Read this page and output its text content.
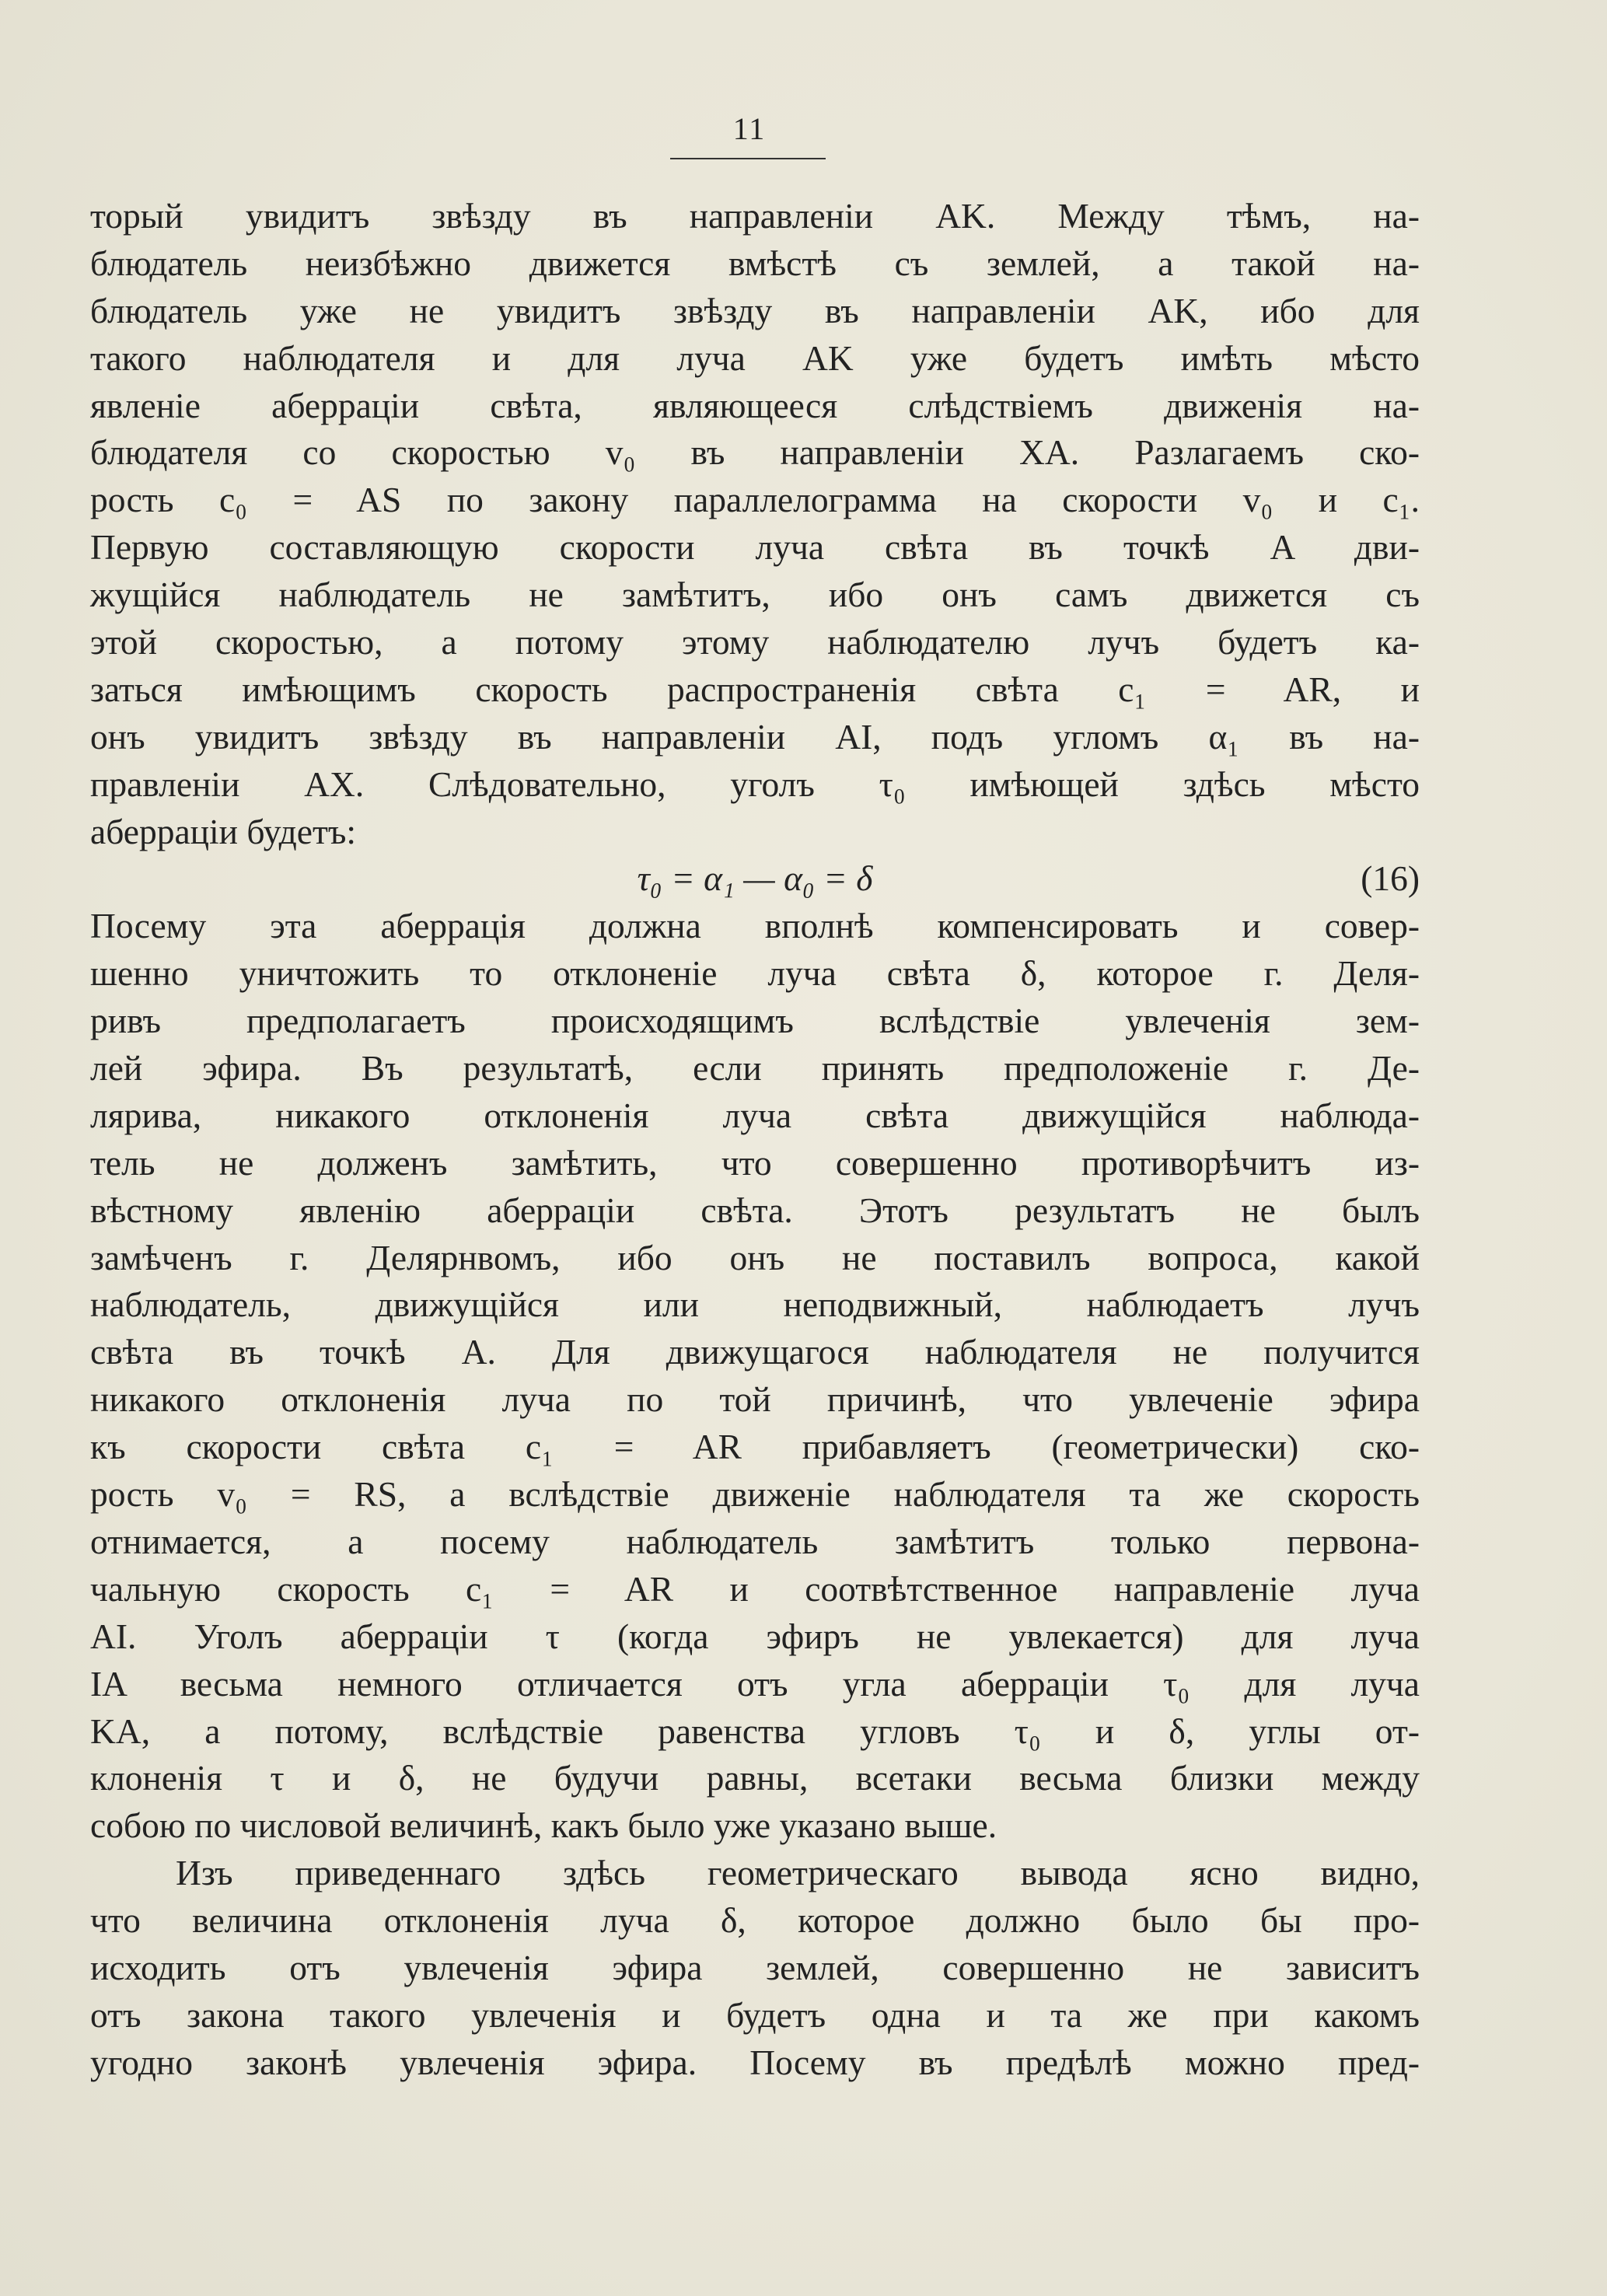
11
торый увидитъ звѣзду въ направленіи AK. Между тѣмъ, на-
блюдатель неизбѣжно движется вмѣстѣ съ землей, а такой на-
блюдатель уже не увидитъ звѣзду въ направленіи AK, ибо для
такого наблюдателя и для луча AK уже будетъ имѣть мѣсто
явленіе аберраціи свѣта, являющееся слѣдствіемъ движенія на-
блюдателя со скоростью v₀ въ направленіи XA. Разлагаемъ ско-
рость c₀ = AS по закону параллелограмма на скорости v₀ и c₁.
Первую составляющую скорости луча свѣта въ точкѣ A дви-
жущійся наблюдатель не замѣтитъ, ибо онъ самъ движется съ
этой скоростью, а потому этому наблюдателю лучъ будетъ ка-
заться имѣющимъ скорость распространенія свѣта c₁ = AR, и
онъ увидитъ звѣзду въ направленіи AI, подъ угломъ α₁ въ на-
правленіи AX. Слѣдовательно, уголъ τ₀ имѣющей здѣсь мѣсто
аберраціи будетъ:
τ₀ = α₁ — α₀ = δ	(16)
Посему эта аберрація должна вполнѣ компенсировать и совер-
шенно уничтожить то отклоненіе луча свѣта δ, которое г. Деля-
ривъ предполагаетъ происходящимъ вслѣдствіе увлеченія зем-
лей эфира. Въ результатѣ, если принять предположеніе г. Де-
лярива, никакого отклоненія луча свѣта движущійся наблюда-
тель не долженъ замѣтить, что совершенно противорѣчитъ из-
вѣстному явленію аберраціи свѣта. Этотъ результатъ не былъ
замѣченъ г. Делярнвомъ, ибо онъ не поставилъ вопроса, какой
наблюдатель, движущійся или неподвижный, наблюдаетъ лучъ
свѣта въ точкѣ A. Для движущагося наблюдателя не получится
никакого отклоненія луча по той причинѣ, что увлеченіе эфира
къ скорости свѣта c₁ = AR прибавляетъ (геометрически) ско-
рость v₀ = RS, а вслѣдствіе движеніе наблюдателя та же скорость
отнимается, а посему наблюдатель замѣтитъ только первона-
чальную скорость c₁ = AR и соотвѣтственное направленіе луча
AI. Уголъ аберраціи τ (когда эфиръ не увлекается) для луча
IA весьма немного отличается отъ угла аберраціи τ₀ для луча
KA, а потому, вслѣдствіе равенства угловъ τ₀ и δ, углы от-
клоненія τ и δ, не будучи равны, всетаки весьма близки между
собою по числовой величинѣ, какъ было уже указано выше.
Изъ приведеннаго здѣсь геометрическаго вывода ясно видно,
что величина отклоненія луча δ, которое должно было бы про-
исходить отъ увлеченія эфира землей, совершенно не зависитъ
отъ закона такого увлеченія и будетъ одна и та же при какомъ
угодно законѣ увлеченія эфира. Посему въ предѣлѣ можно пред-
